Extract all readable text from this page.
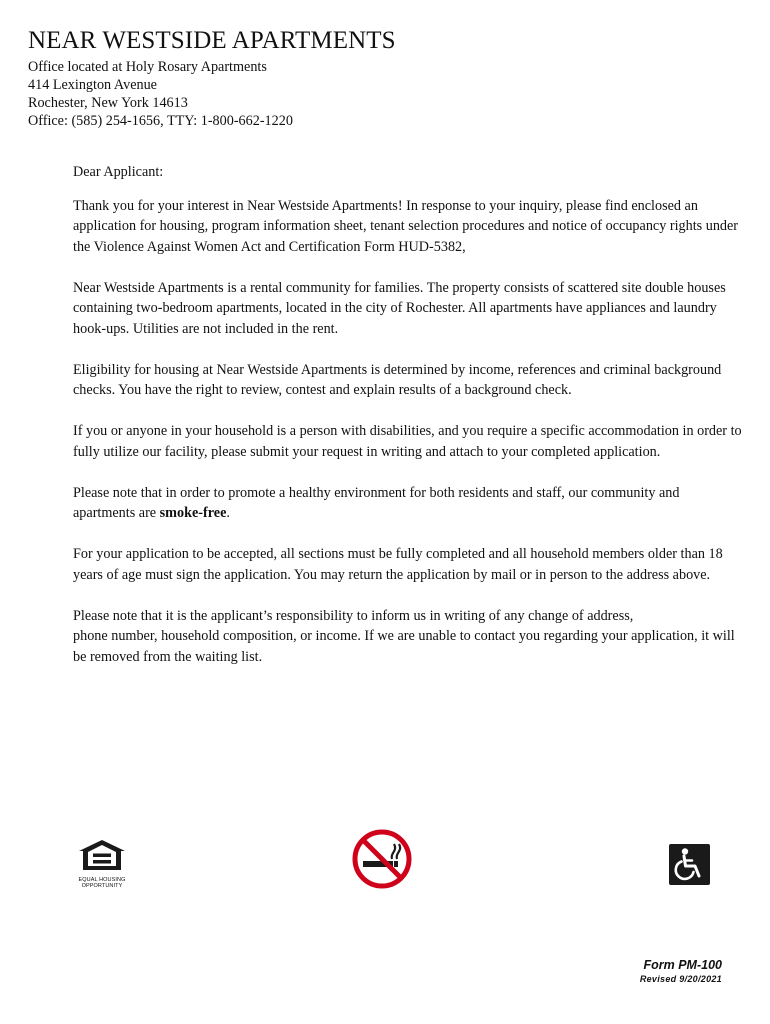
NEAR WESTSIDE APARTMENTS
Office located at Holy Rosary Apartments
414 Lexington Avenue
Rochester, New York 14613
Office: (585) 254-1656, TTY: 1-800-662-1220

Dear Applicant:

Thank you for your interest in Near Westside Apartments! In response to your inquiry, please find enclosed an application for housing, program information sheet, tenant selection procedures and notice of occupancy rights under the Violence Against Women Act and Certification Form HUD-5382,

Near Westside Apartments is a rental community for families. The property consists of scattered site double houses containing two-bedroom apartments, located in the city of Rochester. All apartments have appliances and laundry hook-ups. Utilities are not included in the rent.

Eligibility for housing at Near Westside Apartments is determined by income, references and criminal background checks. You have the right to review, contest and explain results of a background check.

If you or anyone in your household is a person with disabilities, and you require a specific accommodation in order to fully utilize our facility, please submit your request in writing and attach to your completed application.

Please note that in order to promote a healthy environment for both residents and staff, our community and apartments are smoke-free.

For your application to be accepted, all sections must be fully completed and all household members older than 18 years of age must sign the application. You may return the application by mail or in person to the address above.

Please note that it is the applicant’s responsibility to inform us in writing of any change of address,
phone number, household composition, or income. If we are unable to contact you regarding your application, it will be removed from the waiting list.

EQUAL HOUSING OPPORTUNITY
Form PM-100
Revised 9/20/2021
